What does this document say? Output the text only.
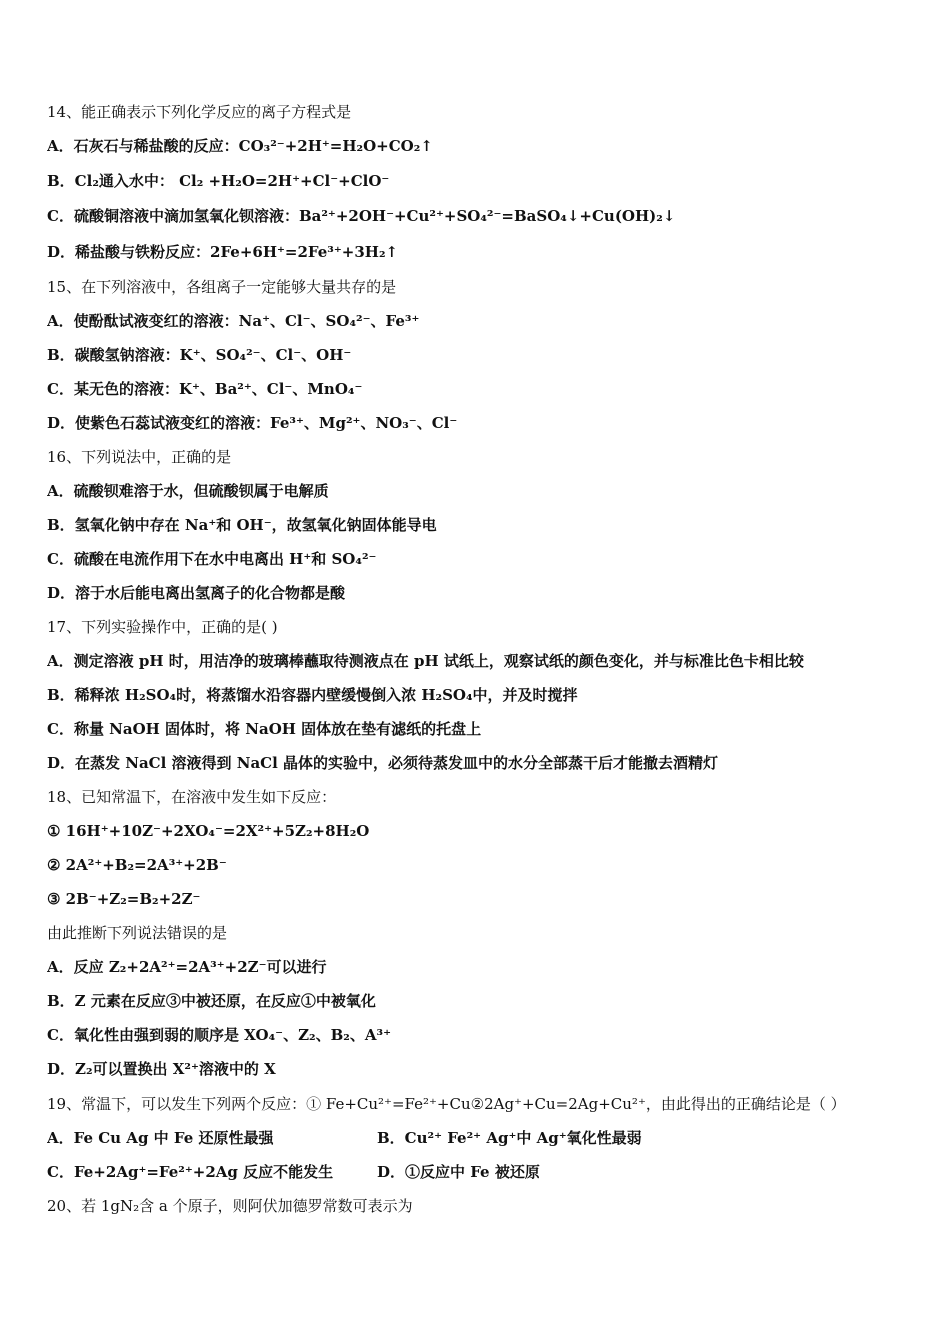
14、能正确表示下列化学反应的离子方程式是
A．石灰石与稀盐酸的反应：CO₃²⁻+2H⁺=H₂O+CO₂↑
B．Cl₂通入水中： Cl₂ +H₂O=2H⁺+Cl⁻+ClO⁻
C．硫酸铜溶液中滴加氢氧化钡溶液：Ba²⁺+2OH⁻+Cu²⁺+SO₄²⁻=BaSO₄↓+Cu(OH)₂↓
D．稀盐酸与铁粉反应：2Fe+6H⁺=2Fe³⁺+3H₂↑
15、在下列溶液中，各组离子一定能够大量共存的是
A．使酚酞试液变红的溶液：Na⁺、Cl⁻、SO₄²⁻、Fe³⁺
B．碳酸氢钠溶液：K⁺、SO₄²⁻、Cl⁻、OH⁻
C．某无色的溶液：K⁺、Ba²⁺、Cl⁻、MnO₄⁻
D．使紫色石蕊试液变红的溶液：Fe³⁺、Mg²⁺、NO₃⁻、Cl⁻
16、下列说法中，正确的是
A．硫酸钡难溶于水，但硫酸钡属于电解质
B．氢氧化钠中存在 Na⁺和 OH⁻，故氢氧化钠固体能导电
C．硫酸在电流作用下在水中电离出 H⁺和 SO₄²⁻
D．溶于水后能电离出氢离子的化合物都是酸
17、下列实验操作中，正确的是( )
A．测定溶液 pH 时，用洁净的玻璃棒蘸取待测液点在 pH 试纸上，观察试纸的颜色变化，并与标准比色卡相比较
B．稀释浓 H₂SO₄时，将蒸馏水沿容器内壁缓慢倒入浓 H₂SO₄中，并及时搅拌
C．称量 NaOH 固体时，将 NaOH 固体放在垫有滤纸的托盘上
D．在蒸发 NaCl 溶液得到 NaCl 晶体的实验中，必须待蒸发皿中的水分全部蒸干后才能撤去酒精灯
18、已知常温下，在溶液中发生如下反应：
① 16H⁺+10Z⁻+2XO₄⁻=2X²⁺+5Z₂+8H₂O
② 2A²⁺+B₂=2A³⁺+2B⁻
③ 2B⁻+Z₂=B₂+2Z⁻
由此推断下列说法错误的是
A．反应 Z₂+2A²⁺=2A³⁺+2Z⁻可以进行
B．Z 元素在反应③中被还原，在反应①中被氧化
C．氧化性由强到弱的顺序是 XO₄⁻、Z₂、B₂、A³⁺
D．Z₂可以置换出 X²⁺溶液中的 X
19、常温下，可以发生下列两个反应：① Fe+Cu²⁺=Fe²⁺+Cu②2Ag⁺+Cu=2Ag+Cu²⁺，由此得出的正确结论是（ ）
A．Fe Cu Ag 中 Fe 还原性最强	B．Cu²⁺ Fe²⁺ Ag⁺中 Ag⁺氧化性最弱
C．Fe+2Ag⁺=Fe²⁺+2Ag 反应不能发生	D．①反应中 Fe 被还原
20、若 1gN₂含 a 个原子，则阿伏加德罗常数可表示为
